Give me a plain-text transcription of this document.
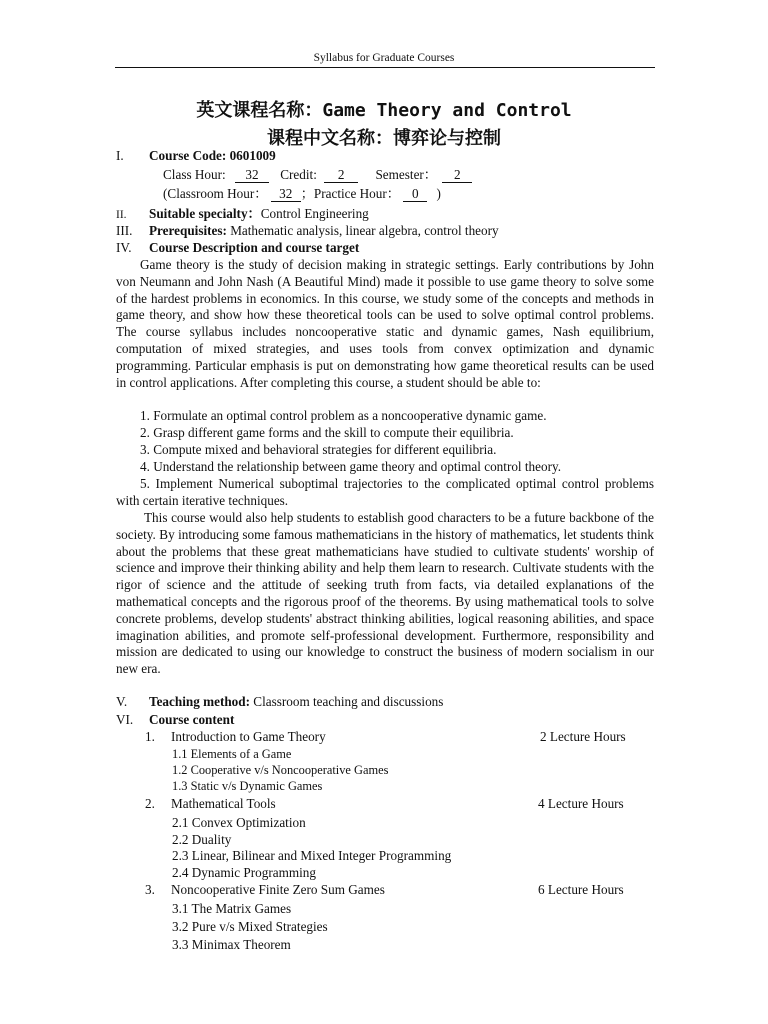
Syllabus for Graduate Courses
英文课程名称：Game Theory and Control
课程中文名称：博弈论与控制
I. Course Code: 0601009
Class Hour: 32 Credit: 2 Semester： 2
(Classroom Hour： 32 ；Practice Hour： 0 )
II. Suitable specialty：Control Engineering
III. Prerequisites: Mathematic analysis, linear algebra, control theory
IV. Course Description and course target

Game theory is the study of decision making in strategic settings. Early contributions by John von Neumann and John Nash (A Beautiful Mind) made it possible to use game theory to solve some of the hardest problems in economics. In this course, we study some of the concepts and methods in game theory, and show how these theoretical tools can be used to solve optimal control problems. The course syllabus includes noncooperative static and dynamic games, Nash equilibrium, computation of mixed strategies, and uses tools from convex optimization and dynamic programming. Particular emphasis is put on demonstrating how game theoretical results can be used in control applications. After completing this course, a student should be able to:

1. Formulate an optimal control problem as a noncooperative dynamic game.
2. Grasp different game forms and the skill to compute their equilibria.
3. Compute mixed and behavioral strategies for different equilibria.
4. Understand the relationship between game theory and optimal control theory.

5. Implement Numerical suboptimal trajectories to the complicated optimal control problems with certain iterative techniques.

This course would also help students to establish good characters to be a future backbone of the society. By introducing some famous mathematicians in the history of mathematics, let students think about the problems that these great mathematicians have studied to cultivate students' worship of science and improve their thinking ability and help them learn to research. Cultivate students with the rigor of science and the attitude of seeking truth from facts, via detailed explanations of the mathematical concepts and the rigorous proof of the theorems. By using mathematical tools to solve concrete problems, develop students' abstract thinking abilities, logical reasoning abilities, and space imagination abilities, and promote self-professional development. Furthermore, responsibility and mission are dedicated to using our knowledge to construct the business of modern socialism in our new era.

V. Teaching method: Classroom teaching and discussions
VI. Course content
1. Introduction to Game Theory	2 Lecture Hours
1.1 Elements of a Game
1.2 Cooperative v/s Noncooperative Games
1.3 Static v/s Dynamic Games
2. Mathematical Tools	4 Lecture Hours
2.1 Convex Optimization
2.2 Duality
2.3 Linear, Bilinear and Mixed Integer Programming
2.4 Dynamic Programming
3. Noncooperative Finite Zero Sum Games	6 Lecture Hours
3.1 The Matrix Games
3.2 Pure v/s Mixed Strategies
3.3 Minimax Theorem
